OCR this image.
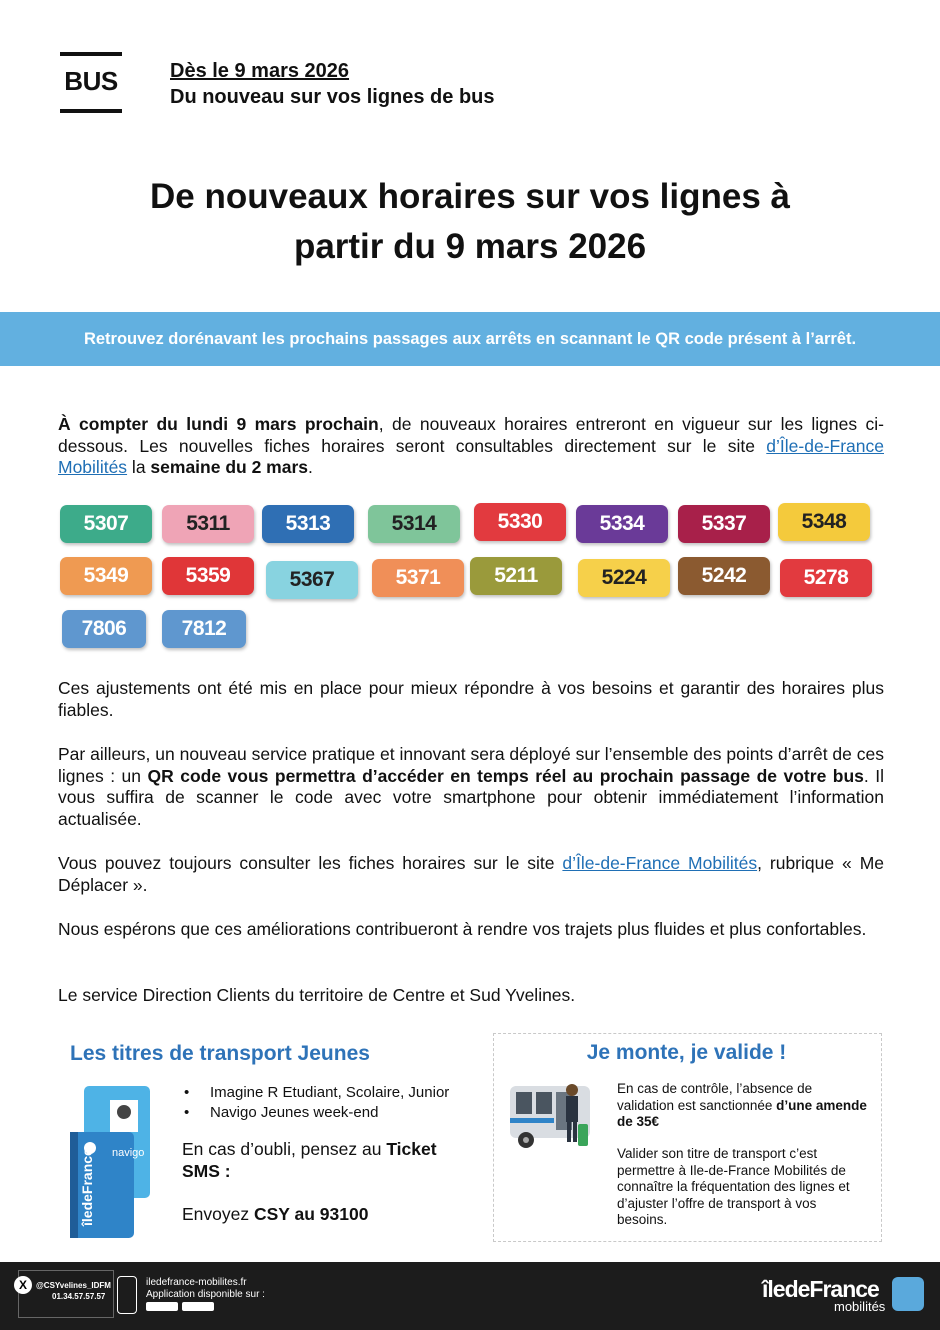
BUS	Dès le 9 mars 2026
Du nouveau sur vos lignes de bus
De nouveaux horaires sur vos lignes à
partir du 9 mars 2026
Retrouvez dorénavant les prochains passages aux arrêts en scannant le QR code présent à l’arrêt.
À compter du lundi 9 mars prochain, de nouveaux horaires entreront en vigueur sur les lignes ci-dessous. Les nouvelles fiches horaires seront consultables directement sur le site d’Île-de-France Mobilités la semaine du 2 mars.
5307	5311	5313	5314	5330	5334	5337	5348
5349	5359	5367	5371	5211	5224	5242	5278
7806	7812
Ces ajustements ont été mis en place pour mieux répondre à vos besoins et garantir des horaires plus fiables.
Par ailleurs, un nouveau service pratique et innovant sera déployé sur l’ensemble des points d’arrêt de ces lignes : un QR code vous permettra d’accéder en temps réel au prochain passage de votre bus. Il vous suffira de scanner le code avec votre smartphone pour obtenir immédiatement l’information actualisée.
Vous pouvez toujours consulter les fiches horaires sur le site d’Île-de-France Mobilités, rubrique « Me Déplacer ».
Nous espérons que ces améliorations contribueront à rendre vos trajets plus fluides et plus confortables.
Le service Direction Clients du territoire de Centre et Sud Yvelines.
Les titres de transport Jeunes
navigo
îledeFrance
• Imagine R Etudiant, Scolaire, Junior
• Navigo Jeunes week-end
En cas d’oubli, pensez au Ticket SMS :
Envoyez CSY au 93100
Je monte, je valide !
En cas de contrôle, l’absence de validation est sanctionnée d’une amende de 35€
Valider son titre de transport c’est permettre à Ile-de-France Mobilités de connaître la fréquentation des lignes et d’ajuster l’offre de transport à vos besoins.
X	@CSYvelines_IDFM
01.34.57.57.57
iledefrance-mobilites.fr
Application disponible sur :	îledeFrance
mobilités
